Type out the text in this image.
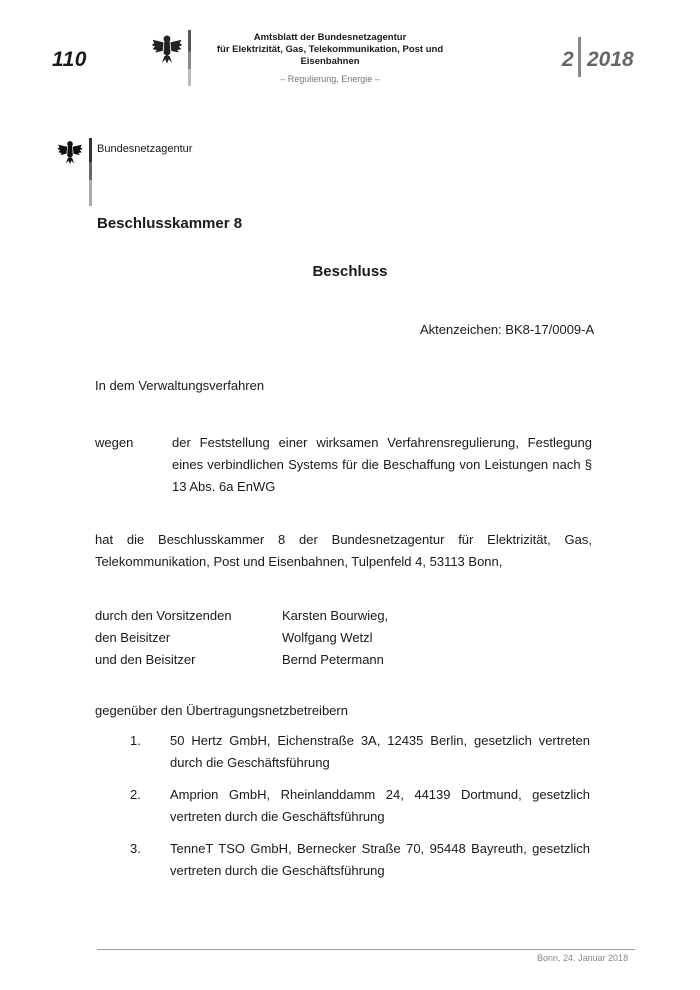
110
Amtsblatt der Bundesnetzagentur
für Elektrizität, Gas, Telekommunikation, Post und Eisenbahnen
– Regulierung, Energie –
2 2018
Bundesnetzagentur
Beschlusskammer 8
Beschluss
Aktenzeichen: BK8-17/0009-A
In dem Verwaltungsverfahren
wegen	der Feststellung einer wirksamen Verfahrensregulierung, Festlegung eines verbindlichen Systems für die Beschaffung von Leistungen nach § 13 Abs. 6a EnWG
hat die Beschlusskammer 8 der Bundesnetzagentur für Elektrizität, Gas, Telekommunikation, Post und Eisenbahnen, Tulpenfeld 4, 53113 Bonn,
durch den Vorsitzenden	Karsten Bourwieg,
den Beisitzer	Wolfgang Wetzl
und den Beisitzer	Bernd Petermann
gegenüber den Übertragungsnetzbetreibern
1.	50 Hertz GmbH, Eichenstraße 3A, 12435 Berlin, gesetzlich vertreten durch die Geschäftsführung
2.	Amprion GmbH, Rheinlanddamm 24, 44139 Dortmund, gesetzlich vertreten durch die Geschäftsführung
3.	TenneT TSO GmbH, Bernecker Straße 70, 95448 Bayreuth, gesetzlich vertreten durch die Geschäftsführung
Bonn, 24. Januar 2018
